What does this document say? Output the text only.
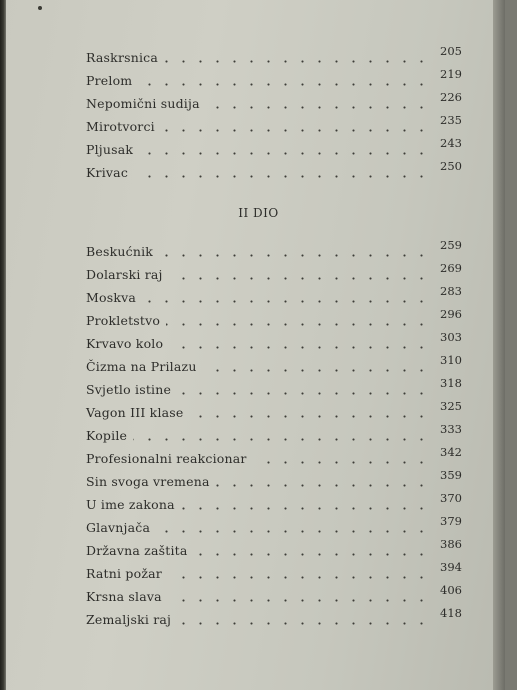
Raskrsnica	205
Prelom	219
Nepomični sudija	226
Mirotvorci	235
Pljusak	243
Krivac	250
II DIO
Beskućnik	259
Dolarski raj	269
Moskva	283
Prokletstvo	296
Krvavo kolo	303
Čizma na Prilazu	310
Svjetlo istine	318
Vagon III klase	325
Kopile	333
Profesionalni reakcionar	342
Sin svoga vremena	359
U ime zakona	370
Glavnjača	379
Državna zaštita	386
Ratni požar	394
Krsna slava	406
Zemaljski raj	418
